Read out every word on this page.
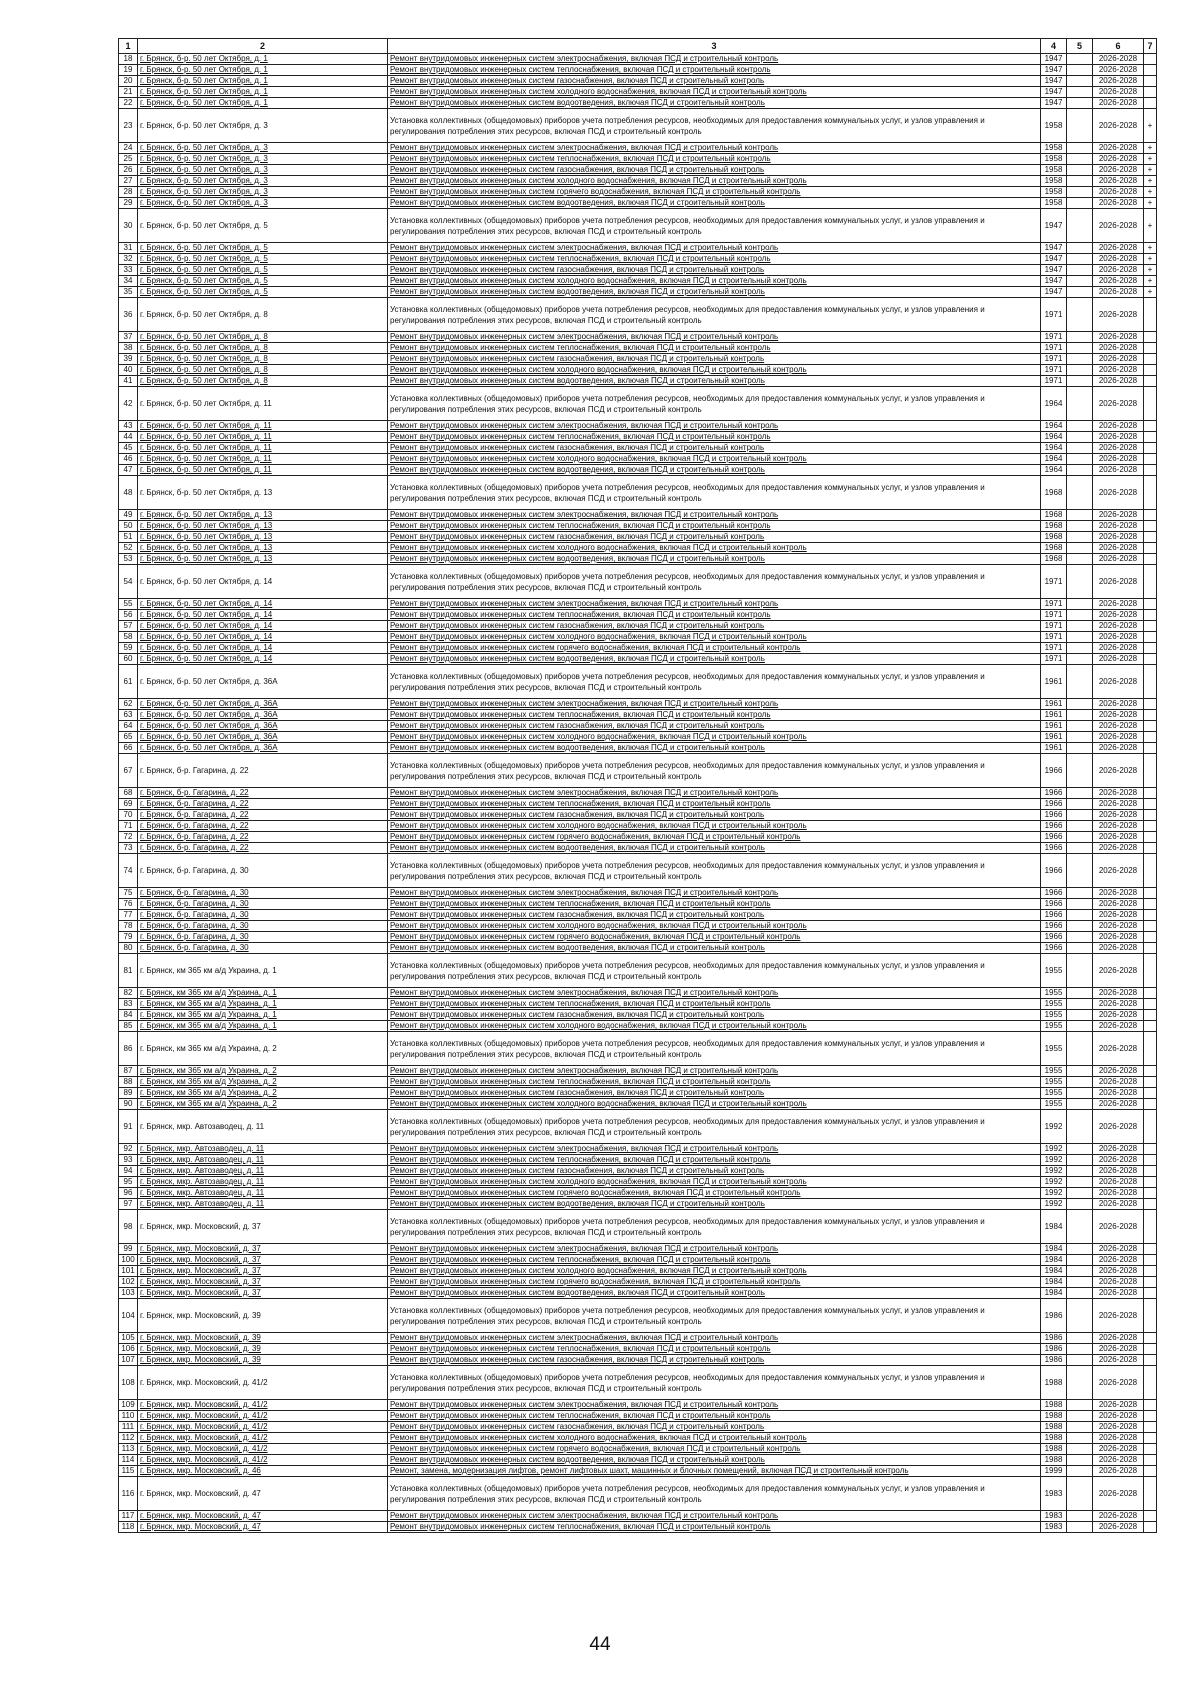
1	2	3	4	5	6	7
18	г. Брянск, б-р. 50 лет Октября, д. 1	Ремонт внутридомовых инженерных систем электроснабжения, включая ПСД и строительный контроль	1947		2026-2028	
19	г. Брянск, б-р. 50 лет Октября, д. 1	Ремонт внутридомовых инженерных систем теплоснабжения, включая ПСД и строительный контроль	1947		2026-2028	
20	г. Брянск, б-р. 50 лет Октября, д. 1	Ремонт внутридомовых инженерных систем газоснабжения, включая ПСД и строительный контроль	1947		2026-2028	
21	г. Брянск, б-р. 50 лет Октября, д. 1	Ремонт внутридомовых инженерных систем холодного водоснабжения, включая ПСД и строительный контроль	1947		2026-2028	
22	г. Брянск, б-р. 50 лет Октября, д. 1	Ремонт внутридомовых инженерных систем водоотведения, включая ПСД и строительный контроль	1947		2026-2028	
23	г. Брянск, б-р. 50 лет Октября, д. 3	Установка коллективных (общедомовых) приборов учета потребления ресурсов, необходимых для предоставления коммунальных услуг, и узлов управления и регулирования потребления этих ресурсов, включая ПСД и строительный контроль	1958		2026-2028	+
24	г. Брянск, б-р. 50 лет Октября, д. 3	Ремонт внутридомовых инженерных систем электроснабжения, включая ПСД и строительный контроль	1958		2026-2028	+
25	г. Брянск, б-р. 50 лет Октября, д. 3	Ремонт внутридомовых инженерных систем теплоснабжения, включая ПСД и строительный контроль	1958		2026-2028	+
26	г. Брянск, б-р. 50 лет Октября, д. 3	Ремонт внутридомовых инженерных систем газоснабжения, включая ПСД и строительный контроль	1958		2026-2028	+
27	г. Брянск, б-р. 50 лет Октября, д. 3	Ремонт внутридомовых инженерных систем холодного водоснабжения, включая ПСД и строительный контроль	1958		2026-2028	+
28	г. Брянск, б-р. 50 лет Октября, д. 3	Ремонт внутридомовых инженерных систем горячего водоснабжения, включая ПСД и строительный контроль	1958		2026-2028	+
29	г. Брянск, б-р. 50 лет Октября, д. 3	Ремонт внутридомовых инженерных систем водоотведения, включая ПСД и строительный контроль	1958		2026-2028	+
30	г. Брянск, б-р. 50 лет Октября, д. 5	Установка коллективных (общедомовых) приборов учета потребления ресурсов, необходимых для предоставления коммунальных услуг, и узлов управления и регулирования потребления этих ресурсов, включая ПСД и строительный контроль	1947		2026-2028	+
31	г. Брянск, б-р. 50 лет Октября, д. 5	Ремонт внутридомовых инженерных систем электроснабжения, включая ПСД и строительный контроль	1947		2026-2028	+
32	г. Брянск, б-р. 50 лет Октября, д. 5	Ремонт внутридомовых инженерных систем теплоснабжения, включая ПСД и строительный контроль	1947		2026-2028	+
33	г. Брянск, б-р. 50 лет Октября, д. 5	Ремонт внутридомовых инженерных систем газоснабжения, включая ПСД и строительный контроль	1947		2026-2028	+
34	г. Брянск, б-р. 50 лет Октября, д. 5	Ремонт внутридомовых инженерных систем холодного водоснабжения, включая ПСД и строительный контроль	1947		2026-2028	+
35	г. Брянск, б-р. 50 лет Октября, д. 5	Ремонт внутридомовых инженерных систем водоотведения, включая ПСД и строительный контроль	1947		2026-2028	+
36	г. Брянск, б-р. 50 лет Октября, д. 8	Установка коллективных (общедомовых) приборов учета потребления ресурсов, необходимых для предоставления коммунальных услуг, и узлов управления и регулирования потребления этих ресурсов, включая ПСД и строительный контроль	1971		2026-2028	
37	г. Брянск, б-р. 50 лет Октября, д. 8	Ремонт внутридомовых инженерных систем электроснабжения, включая ПСД и строительный контроль	1971		2026-2028	
38	г. Брянск, б-р. 50 лет Октября, д. 8	Ремонт внутридомовых инженерных систем теплоснабжения, включая ПСД и строительный контроль	1971		2026-2028	
39	г. Брянск, б-р. 50 лет Октября, д. 8	Ремонт внутридомовых инженерных систем газоснабжения, включая ПСД и строительный контроль	1971		2026-2028	
40	г. Брянск, б-р. 50 лет Октября, д. 8	Ремонт внутридомовых инженерных систем холодного водоснабжения, включая ПСД и строительный контроль	1971		2026-2028	
41	г. Брянск, б-р. 50 лет Октября, д. 8	Ремонт внутридомовых инженерных систем водоотведения, включая ПСД и строительный контроль	1971		2026-2028	
42	г. Брянск, б-р. 50 лет Октября, д. 11	Установка коллективных (общедомовых) приборов учета потребления ресурсов, необходимых для предоставления коммунальных услуг, и узлов управления и регулирования потребления этих ресурсов, включая ПСД и строительный контроль	1964		2026-2028	
43	г. Брянск, б-р. 50 лет Октября, д. 11	Ремонт внутридомовых инженерных систем электроснабжения, включая ПСД и строительный контроль	1964		2026-2028	
44	г. Брянск, б-р. 50 лет Октября, д. 11	Ремонт внутридомовых инженерных систем теплоснабжения, включая ПСД и строительный контроль	1964		2026-2028	
45	г. Брянск, б-р. 50 лет Октября, д. 11	Ремонт внутридомовых инженерных систем газоснабжения, включая ПСД и строительный контроль	1964		2026-2028	
46	г. Брянск, б-р. 50 лет Октября, д. 11	Ремонт внутридомовых инженерных систем холодного водоснабжения, включая ПСД и строительный контроль	1964		2026-2028	
47	г. Брянск, б-р. 50 лет Октября, д. 11	Ремонт внутридомовых инженерных систем водоотведения, включая ПСД и строительный контроль	1964		2026-2028	
48	г. Брянск, б-р. 50 лет Октября, д. 13	Установка коллективных (общедомовых) приборов учета потребления ресурсов, необходимых для предоставления коммунальных услуг, и узлов управления и регулирования потребления этих ресурсов, включая ПСД и строительный контроль	1968		2026-2028	
49	г. Брянск, б-р. 50 лет Октября, д. 13	Ремонт внутридомовых инженерных систем электроснабжения, включая ПСД и строительный контроль	1968		2026-2028	
50	г. Брянск, б-р. 50 лет Октября, д. 13	Ремонт внутридомовых инженерных систем теплоснабжения, включая ПСД и строительный контроль	1968		2026-2028	
51	г. Брянск, б-р. 50 лет Октября, д. 13	Ремонт внутридомовых инженерных систем газоснабжения, включая ПСД и строительный контроль	1968		2026-2028	
52	г. Брянск, б-р. 50 лет Октября, д. 13	Ремонт внутридомовых инженерных систем холодного водоснабжения, включая ПСД и строительный контроль	1968		2026-2028	
53	г. Брянск, б-р. 50 лет Октября, д. 13	Ремонт внутридомовых инженерных систем водоотведения, включая ПСД и строительный контроль	1968		2026-2028	
54	г. Брянск, б-р. 50 лет Октября, д. 14	Установка коллективных (общедомовых) приборов учета потребления ресурсов, необходимых для предоставления коммунальных услуг, и узлов управления и регулирования потребления этих ресурсов, включая ПСД и строительный контроль	1971		2026-2028	
55	г. Брянск, б-р. 50 лет Октября, д. 14	Ремонт внутридомовых инженерных систем электроснабжения, включая ПСД и строительный контроль	1971		2026-2028	
56	г. Брянск, б-р. 50 лет Октября, д. 14	Ремонт внутридомовых инженерных систем теплоснабжения, включая ПСД и строительный контроль	1971		2026-2028	
57	г. Брянск, б-р. 50 лет Октября, д. 14	Ремонт внутридомовых инженерных систем газоснабжения, включая ПСД и строительный контроль	1971		2026-2028	
58	г. Брянск, б-р. 50 лет Октября, д. 14	Ремонт внутридомовых инженерных систем холодного водоснабжения, включая ПСД и строительный контроль	1971		2026-2028	
59	г. Брянск, б-р. 50 лет Октября, д. 14	Ремонт внутридомовых инженерных систем горячего водоснабжения, включая ПСД и строительный контроль	1971		2026-2028	
60	г. Брянск, б-р. 50 лет Октября, д. 14	Ремонт внутридомовых инженерных систем водоотведения, включая ПСД и строительный контроль	1971		2026-2028	
61	г. Брянск, б-р. 50 лет Октября, д. 36А	Установка коллективных (общедомовых) приборов учета потребления ресурсов, необходимых для предоставления коммунальных услуг, и узлов управления и регулирования потребления этих ресурсов, включая ПСД и строительный контроль	1961		2026-2028	
62	г. Брянск, б-р. 50 лет Октября, д. 36А	Ремонт внутридомовых инженерных систем электроснабжения, включая ПСД и строительный контроль	1961		2026-2028	
63	г. Брянск, б-р. 50 лет Октября, д. 36А	Ремонт внутридомовых инженерных систем теплоснабжения, включая ПСД и строительный контроль	1961		2026-2028	
64	г. Брянск, б-р. 50 лет Октября, д. 36А	Ремонт внутридомовых инженерных систем газоснабжения, включая ПСД и строительный контроль	1961		2026-2028	
65	г. Брянск, б-р. 50 лет Октября, д. 36А	Ремонт внутридомовых инженерных систем холодного водоснабжения, включая ПСД и строительный контроль	1961		2026-2028	
66	г. Брянск, б-р. 50 лет Октября, д. 36А	Ремонт внутридомовых инженерных систем водоотведения, включая ПСД и строительный контроль	1961		2026-2028	
67	г. Брянск, б-р. Гагарина, д. 22	Установка коллективных (общедомовых) приборов учета потребления ресурсов, необходимых для предоставления коммунальных услуг, и узлов управления и регулирования потребления этих ресурсов, включая ПСД и строительный контроль	1966		2026-2028	
68	г. Брянск, б-р. Гагарина, д. 22	Ремонт внутридомовых инженерных систем электроснабжения, включая ПСД и строительный контроль	1966		2026-2028	
69	г. Брянск, б-р. Гагарина, д. 22	Ремонт внутридомовых инженерных систем теплоснабжения, включая ПСД и строительный контроль	1966		2026-2028	
70	г. Брянск, б-р. Гагарина, д. 22	Ремонт внутридомовых инженерных систем газоснабжения, включая ПСД и строительный контроль	1966		2026-2028	
71	г. Брянск, б-р. Гагарина, д. 22	Ремонт внутридомовых инженерных систем холодного водоснабжения, включая ПСД и строительный контроль	1966		2026-2028	
72	г. Брянск, б-р. Гагарина, д. 22	Ремонт внутридомовых инженерных систем горячего водоснабжения, включая ПСД и строительный контроль	1966		2026-2028	
73	г. Брянск, б-р. Гагарина, д. 22	Ремонт внутридомовых инженерных систем водоотведения, включая ПСД и строительный контроль	1966		2026-2028	
74	г. Брянск, б-р. Гагарина, д. 30	Установка коллективных (общедомовых) приборов учета потребления ресурсов, необходимых для предоставления коммунальных услуг, и узлов управления и регулирования потребления этих ресурсов, включая ПСД и строительный контроль	1966		2026-2028	
75	г. Брянск, б-р. Гагарина, д. 30	Ремонт внутридомовых инженерных систем электроснабжения, включая ПСД и строительный контроль	1966		2026-2028	
76	г. Брянск, б-р. Гагарина, д. 30	Ремонт внутридомовых инженерных систем теплоснабжения, включая ПСД и строительный контроль	1966		2026-2028	
77	г. Брянск, б-р. Гагарина, д. 30	Ремонт внутридомовых инженерных систем газоснабжения, включая ПСД и строительный контроль	1966		2026-2028	
78	г. Брянск, б-р. Гагарина, д. 30	Ремонт внутридомовых инженерных систем холодного водоснабжения, включая ПСД и строительный контроль	1966		2026-2028	
79	г. Брянск, б-р. Гагарина, д. 30	Ремонт внутридомовых инженерных систем горячего водоснабжения, включая ПСД и строительный контроль	1966		2026-2028	
80	г. Брянск, б-р. Гагарина, д. 30	Ремонт внутридомовых инженерных систем водоотведения, включая ПСД и строительный контроль	1966		2026-2028	
81	г. Брянск, км 365 км а/д Украина, д. 1	Установка коллективных (общедомовых) приборов учета потребления ресурсов, необходимых для предоставления коммунальных услуг, и узлов управления и регулирования потребления этих ресурсов, включая ПСД и строительный контроль	1955		2026-2028	
82	г. Брянск, км 365 км а/д Украина, д. 1	Ремонт внутридомовых инженерных систем электроснабжения, включая ПСД и строительный контроль	1955		2026-2028	
83	г. Брянск, км 365 км а/д Украина, д. 1	Ремонт внутридомовых инженерных систем теплоснабжения, включая ПСД и строительный контроль	1955		2026-2028	
84	г. Брянск, км 365 км а/д Украина, д. 1	Ремонт внутридомовых инженерных систем газоснабжения, включая ПСД и строительный контроль	1955		2026-2028	
85	г. Брянск, км 365 км а/д Украина, д. 1	Ремонт внутридомовых инженерных систем холодного водоснабжения, включая ПСД и строительный контроль	1955		2026-2028	
86	г. Брянск, км 365 км а/д Украина, д. 2	Установка коллективных (общедомовых) приборов учета потребления ресурсов, необходимых для предоставления коммунальных услуг, и узлов управления и регулирования потребления этих ресурсов, включая ПСД и строительный контроль	1955		2026-2028	
87	г. Брянск, км 365 км а/д Украина, д. 2	Ремонт внутридомовых инженерных систем электроснабжения, включая ПСД и строительный контроль	1955		2026-2028	
88	г. Брянск, км 365 км а/д Украина, д. 2	Ремонт внутридомовых инженерных систем теплоснабжения, включая ПСД и строительный контроль	1955		2026-2028	
89	г. Брянск, км 365 км а/д Украина, д. 2	Ремонт внутридомовых инженерных систем газоснабжения, включая ПСД и строительный контроль	1955		2026-2028	
90	г. Брянск, км 365 км а/д Украина, д. 2	Ремонт внутридомовых инженерных систем холодного водоснабжения, включая ПСД и строительный контроль	1955		2026-2028	
91	г. Брянск, мкр. Автозаводец, д. 11	Установка коллективных (общедомовых) приборов учета потребления ресурсов, необходимых для предоставления коммунальных услуг, и узлов управления и регулирования потребления этих ресурсов, включая ПСД и строительный контроль	1992		2026-2028	
92	г. Брянск, мкр. Автозаводец, д. 11	Ремонт внутридомовых инженерных систем электроснабжения, включая ПСД и строительный контроль	1992		2026-2028	
93	г. Брянск, мкр. Автозаводец, д. 11	Ремонт внутридомовых инженерных систем теплоснабжения, включая ПСД и строительный контроль	1992		2026-2028	
94	г. Брянск, мкр. Автозаводец, д. 11	Ремонт внутридомовых инженерных систем газоснабжения, включая ПСД и строительный контроль	1992		2026-2028	
95	г. Брянск, мкр. Автозаводец, д. 11	Ремонт внутридомовых инженерных систем холодного водоснабжения, включая ПСД и строительный контроль	1992		2026-2028	
96	г. Брянск, мкр. Автозаводец, д. 11	Ремонт внутридомовых инженерных систем горячего водоснабжения, включая ПСД и строительный контроль	1992		2026-2028	
97	г. Брянск, мкр. Автозаводец, д. 11	Ремонт внутридомовых инженерных систем водоотведения, включая ПСД и строительный контроль	1992		2026-2028	
98	г. Брянск, мкр. Московский, д. 37	Установка коллективных (общедомовых) приборов учета потребления ресурсов, необходимых для предоставления коммунальных услуг, и узлов управления и регулирования потребления этих ресурсов, включая ПСД и строительный контроль	1984		2026-2028	
99	г. Брянск, мкр. Московский, д. 37	Ремонт внутридомовых инженерных систем электроснабжения, включая ПСД и строительный контроль	1984		2026-2028	
100	г. Брянск, мкр. Московский, д. 37	Ремонт внутридомовых инженерных систем теплоснабжения, включая ПСД и строительный контроль	1984		2026-2028	
101	г. Брянск, мкр. Московский, д. 37	Ремонт внутридомовых инженерных систем холодного водоснабжения, включая ПСД и строительный контроль	1984		2026-2028	
102	г. Брянск, мкр. Московский, д. 37	Ремонт внутридомовых инженерных систем горячего водоснабжения, включая ПСД и строительный контроль	1984		2026-2028	
103	г. Брянск, мкр. Московский, д. 37	Ремонт внутридомовых инженерных систем водоотведения, включая ПСД и строительный контроль	1984		2026-2028	
104	г. Брянск, мкр. Московский, д. 39	Установка коллективных (общедомовых) приборов учета потребления ресурсов, необходимых для предоставления коммунальных услуг, и узлов управления и регулирования потребления этих ресурсов, включая ПСД и строительный контроль	1986		2026-2028	
105	г. Брянск, мкр. Московский, д. 39	Ремонт внутридомовых инженерных систем электроснабжения, включая ПСД и строительный контроль	1986		2026-2028	
106	г. Брянск, мкр. Московский, д. 39	Ремонт внутридомовых инженерных систем теплоснабжения, включая ПСД и строительный контроль	1986		2026-2028	
107	г. Брянск, мкр. Московский, д. 39	Ремонт внутридомовых инженерных систем газоснабжения, включая ПСД и строительный контроль	1986		2026-2028	
108	г. Брянск, мкр. Московский, д. 41/2	Установка коллективных (общедомовых) приборов учета потребления ресурсов, необходимых для предоставления коммунальных услуг, и узлов управления и регулирования потребления этих ресурсов, включая ПСД и строительный контроль	1988		2026-2028	
109	г. Брянск, мкр. Московский, д. 41/2	Ремонт внутридомовых инженерных систем электроснабжения, включая ПСД и строительный контроль	1988		2026-2028	
110	г. Брянск, мкр. Московский, д. 41/2	Ремонт внутридомовых инженерных систем теплоснабжения, включая ПСД и строительный контроль	1988		2026-2028	
111	г. Брянск, мкр. Московский, д. 41/2	Ремонт внутридомовых инженерных систем газоснабжения, включая ПСД и строительный контроль	1988		2026-2028	
112	г. Брянск, мкр. Московский, д. 41/2	Ремонт внутридомовых инженерных систем холодного водоснабжения, включая ПСД и строительный контроль	1988		2026-2028	
113	г. Брянск, мкр. Московский, д. 41/2	Ремонт внутридомовых инженерных систем горячего водоснабжения, включая ПСД и строительный контроль	1988		2026-2028	
114	г. Брянск, мкр. Московский, д. 41/2	Ремонт внутридомовых инженерных систем водоотведения, включая ПСД и строительный контроль	1988		2026-2028	
115	г. Брянск, мкр. Московский, д. 46	Ремонт, замена, модернизация лифтов, ремонт лифтовых шахт, машинных и блочных помещений, включая ПСД и строительный контроль	1999		2026-2028	
116	г. Брянск, мкр. Московский, д. 47	Установка коллективных (общедомовых) приборов учета потребления ресурсов, необходимых для предоставления коммунальных услуг, и узлов управления и регулирования потребления этих ресурсов, включая ПСД и строительный контроль	1983		2026-2028	
117	г. Брянск, мкр. Московский, д. 47	Ремонт внутридомовых инженерных систем электроснабжения, включая ПСД и строительный контроль	1983		2026-2028	
118	г. Брянск, мкр. Московский, д. 47	Ремонт внутридомовых инженерных систем теплоснабжения, включая ПСД и строительный контроль	1983		2026-2028	
44
